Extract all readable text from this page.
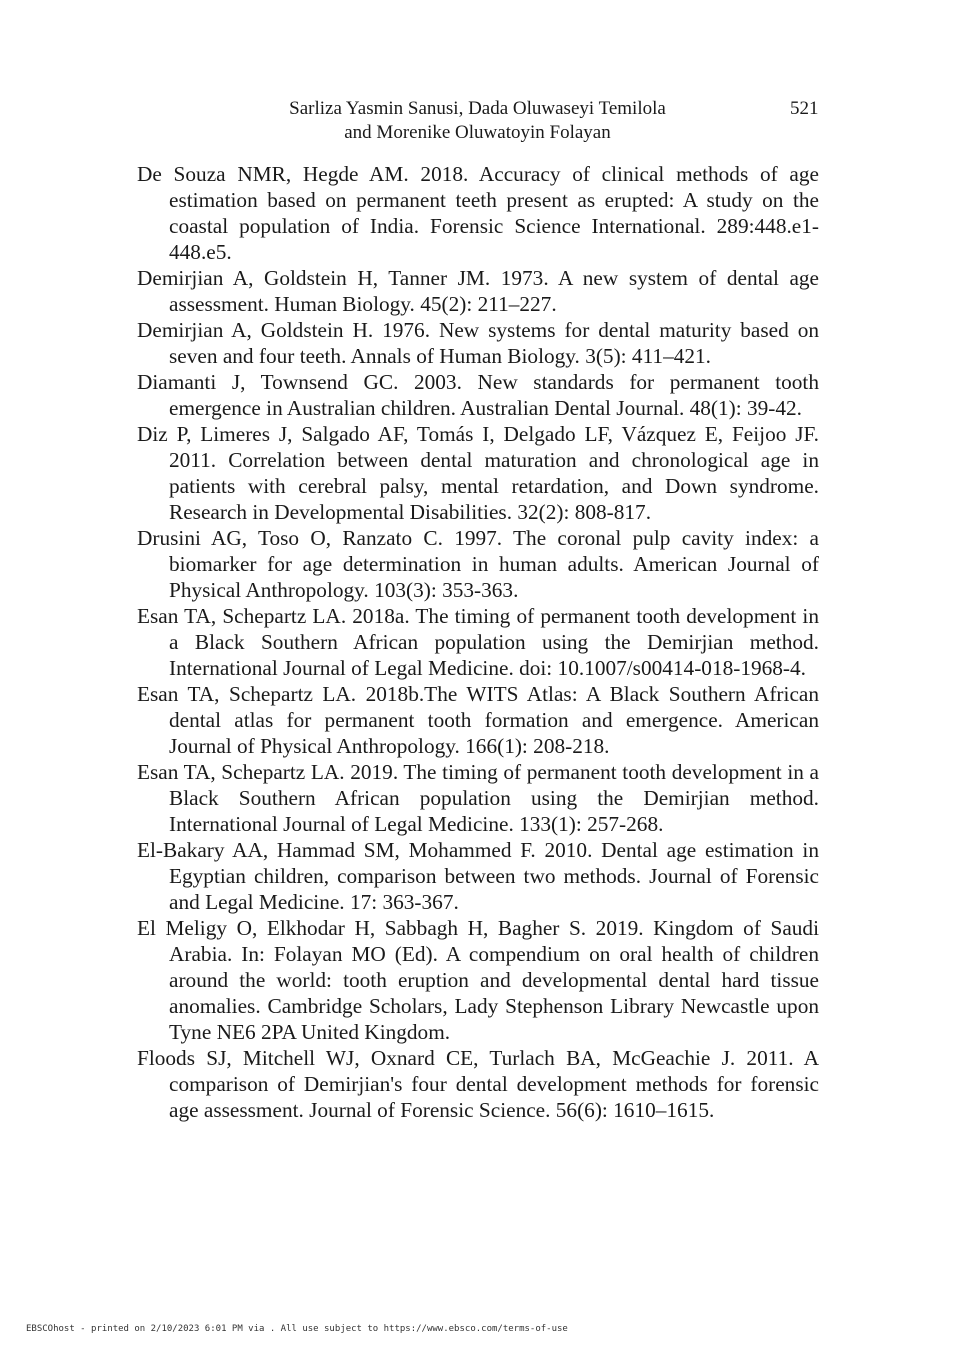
Sarliza Yasmin Sanusi, Dada Oluwaseyi Temilola
and Morenike Oluwatoyin Folayan
521

De Souza NMR, Hegde AM. 2018. Accuracy of clinical methods of age estimation based on permanent teeth present as erupted: A study on the coastal population of India. Forensic Science International. 289:448.e1-448.e5.

Demirjian A, Goldstein H, Tanner JM. 1973. A new system of dental age assessment. Human Biology. 45(2): 211–227.

Demirjian A, Goldstein H. 1976. New systems for dental maturity based on seven and four teeth. Annals of Human Biology. 3(5): 411–421.

Diamanti J, Townsend GC. 2003. New standards for permanent tooth emergence in Australian children. Australian Dental Journal. 48(1): 39-42.

Diz P, Limeres J, Salgado AF, Tomás I, Delgado LF, Vázquez E, Feijoo JF. 2011. Correlation between dental maturation and chronological age in patients with cerebral palsy, mental retardation, and Down syndrome. Research in Developmental Disabilities. 32(2): 808-817.

Drusini AG, Toso O, Ranzato C. 1997. The coronal pulp cavity index: a biomarker for age determination in human adults. American Journal of Physical Anthropology. 103(3): 353-363.

Esan TA, Schepartz LA. 2018a. The timing of permanent tooth development in a Black Southern African population using the Demirjian method. International Journal of Legal Medicine. doi: 10.1007/s00414-018-1968-4.

Esan TA, Schepartz LA. 2018b.The WITS Atlas: A Black Southern African dental atlas for permanent tooth formation and emergence. American Journal of Physical Anthropology. 166(1): 208-218.

Esan TA, Schepartz LA. 2019. The timing of permanent tooth development in a Black Southern African population using the Demirjian method. International Journal of Legal Medicine. 133(1): 257-268.

El-Bakary AA, Hammad SM, Mohammed F. 2010. Dental age estimation in Egyptian children, comparison between two methods. Journal of Forensic and Legal Medicine. 17: 363-367.

El Meligy O, Elkhodar H, Sabbagh H, Bagher S. 2019. Kingdom of Saudi Arabia. In: Folayan MO (Ed). A compendium on oral health of children around the world: tooth eruption and developmental dental hard tissue anomalies. Cambridge Scholars, Lady Stephenson Library Newcastle upon Tyne NE6 2PA United Kingdom.

Floods SJ, Mitchell WJ, Oxnard CE, Turlach BA, McGeachie J. 2011. A comparison of Demirjian's four dental development methods for forensic age assessment. Journal of Forensic Science. 56(6): 1610–1615.

EBSCOhost - printed on 2/10/2023 6:01 PM via . All use subject to https://www.ebsco.com/terms-of-use
